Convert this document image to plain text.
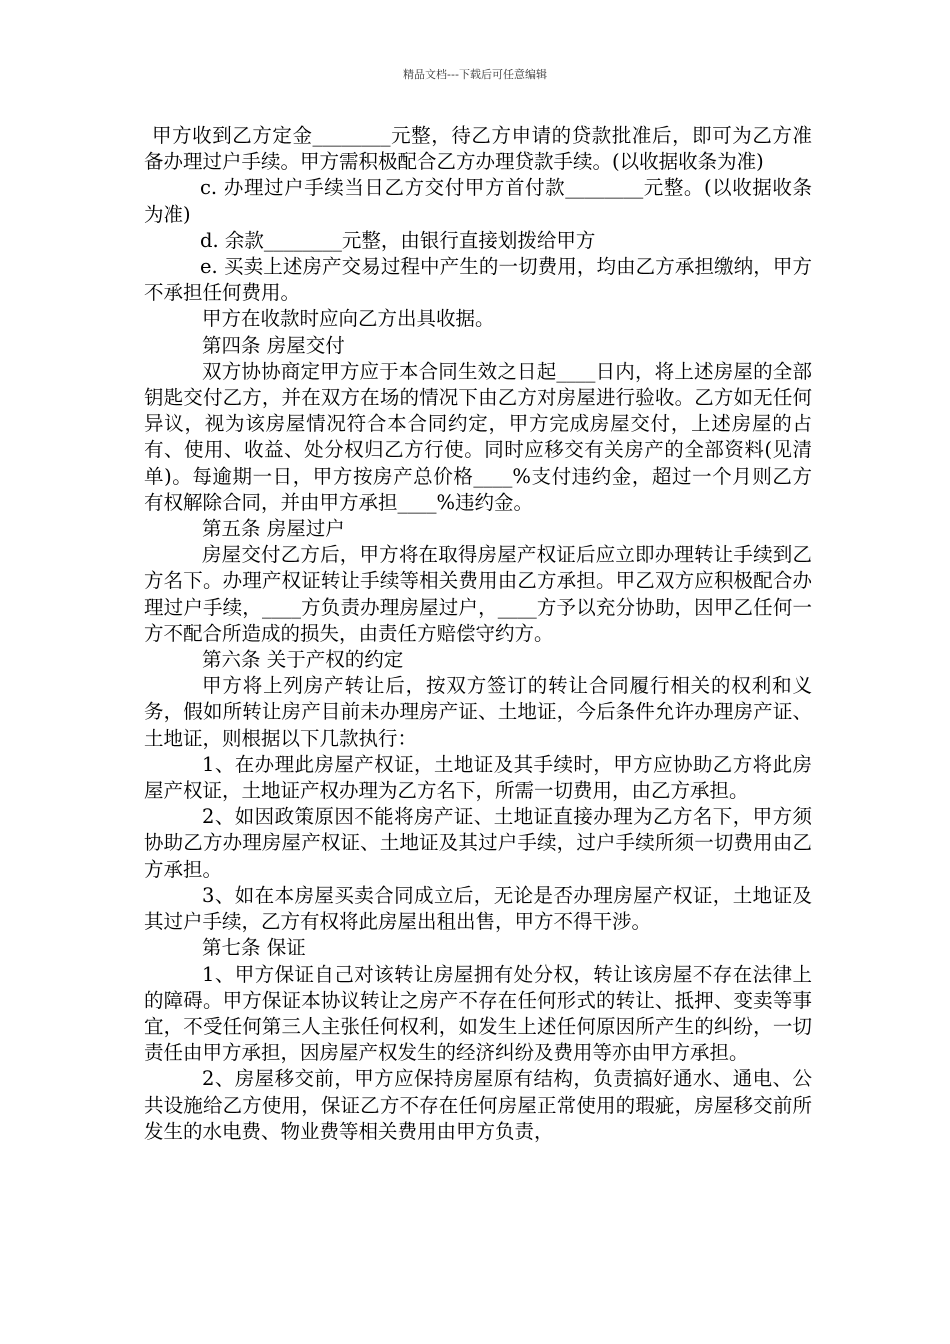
精品文档---下载后可任意编辑

甲方收到乙方定金________元整，待乙方申请的贷款批准后，即可为乙方准备办理过户手续。甲方需积极配合乙方办理贷款手续。(以收据收条为准)

c. 办理过户手续当日乙方交付甲方首付款________元整。(以收据收条为准)

d. 余款________元整，由银行直接划拨给甲方

e. 买卖上述房产交易过程中产生的一切费用，均由乙方承担缴纳，甲方不承担任何费用。

甲方在收款时应向乙方出具收据。

第四条 房屋交付

双方协协商定甲方应于本合同生效之日起____日内，将上述房屋的全部钥匙交付乙方，并在双方在场的情况下由乙方对房屋进行验收。乙方如无任何异议，视为该房屋情况符合本合同约定，甲方完成房屋交付，上述房屋的占有、使用、收益、处分权归乙方行使。同时应移交有关房产的全部资料(见清单)。每逾期一日，甲方按房产总价格____%支付违约金，超过一个月则乙方有权解除合同，并由甲方承担____%违约金。

第五条 房屋过户

房屋交付乙方后，甲方将在取得房屋产权证后应立即办理转让手续到乙方名下。办理产权证转让手续等相关费用由乙方承担。甲乙双方应积极配合办理过户手续，____方负责办理房屋过户，____方予以充分协助，因甲乙任何一方不配合所造成的损失，由责任方赔偿守约方。

第六条 关于产权的约定

甲方将上列房产转让后，按双方签订的转让合同履行相关的权利和义务，假如所转让房产目前未办理房产证、土地证，今后条件允许办理房产证、土地证，则根据以下几款执行：

1、在办理此房屋产权证，土地证及其手续时，甲方应协助乙方将此房屋产权证，土地证产权办理为乙方名下，所需一切费用，由乙方承担。

2、如因政策原因不能将房产证、土地证直接办理为乙方名下，甲方须协助乙方办理房屋产权证、土地证及其过户手续，过户手续所须一切费用由乙方承担。

3、如在本房屋买卖合同成立后，无论是否办理房屋产权证，土地证及其过户手续，乙方有权将此房屋出租出售，甲方不得干涉。

第七条 保证

1、甲方保证自己对该转让房屋拥有处分权，转让该房屋不存在法律上的障碍。甲方保证本协议转让之房产不存在任何形式的转让、抵押、变卖等事宜，不受任何第三人主张任何权利，如发生上述任何原因所产生的纠纷，一切责任由甲方承担，因房屋产权发生的经济纠纷及费用等亦由甲方承担。

2、房屋移交前，甲方应保持房屋原有结构，负责搞好通水、通电、公共设施给乙方使用，保证乙方不存在任何房屋正常使用的瑕疵，房屋移交前所发生的水电费、物业费等相关费用由甲方负责，
